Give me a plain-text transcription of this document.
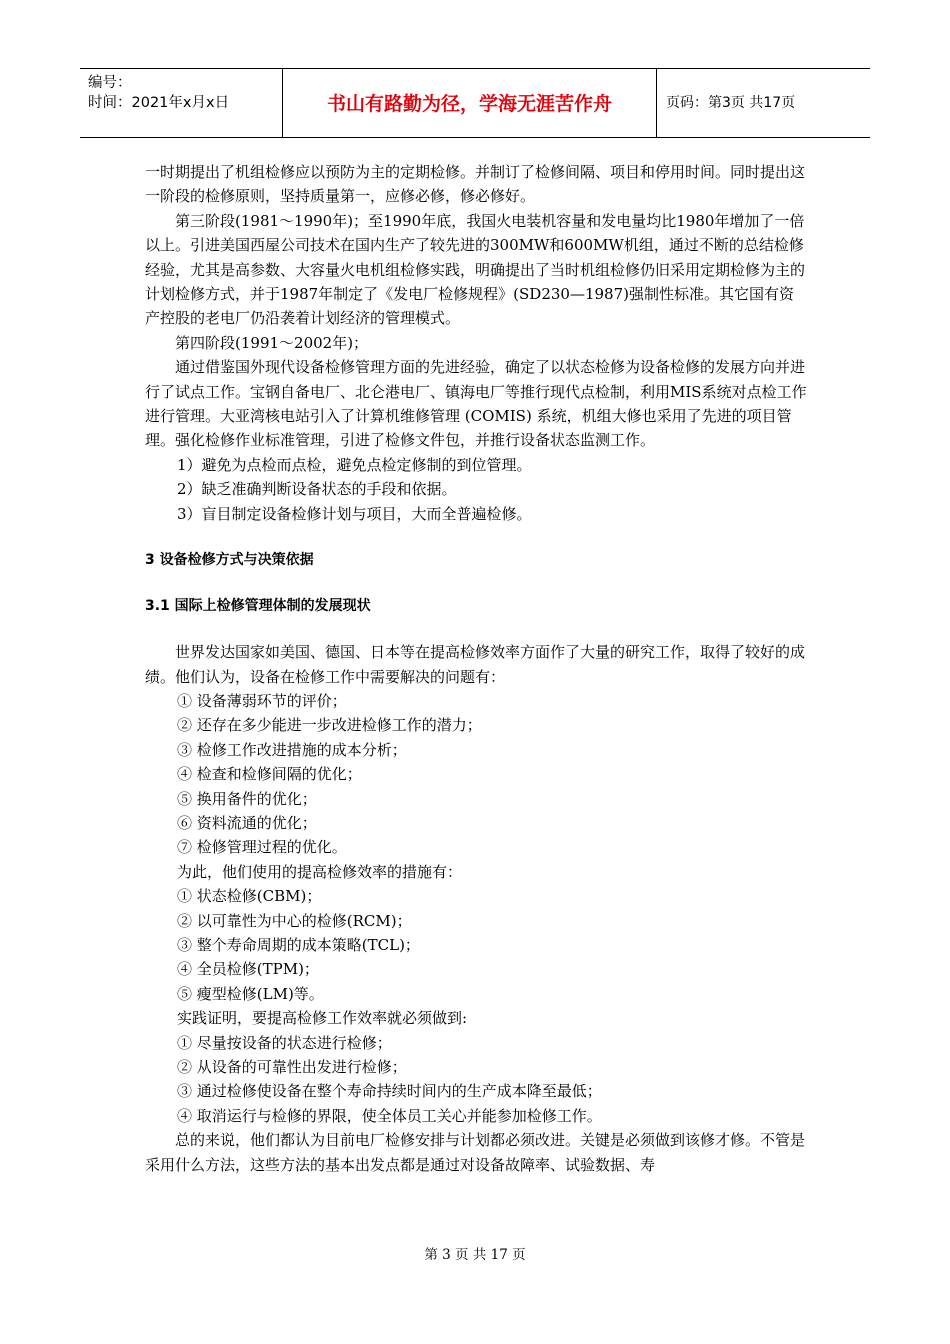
编号：
时间：2021年x月x日	书山有路勤为径，学海无涯苦作舟	页码：第3页 共17页

一时期提出了机组检修应以预防为主的定期检修。并制订了检修间隔、项目和停用时间。同时提出这一阶段的检修原则，坚持质量第一，应修必修，修必修好。

第三阶段(1981～1990年)；至1990年底，我国火电装机容量和发电量均比1980年增加了一倍以上。引进美国西屋公司技术在国内生产了较先进的300MW和600MW机组，通过不断的总结检修经验，尤其是高参数、大容量火电机组检修实践，明确提出了当时机组检修仍旧采用定期检修为主的计划检修方式，并于1987年制定了《发电厂检修规程》(SD230—1987)强制性标准。其它国有资产控股的老电厂仍沿袭着计划经济的管理模式。

第四阶段(1991～2002年)；

通过借鉴国外现代设备检修管理方面的先进经验，确定了以状态检修为设备检修的发展方向并进行了试点工作。宝钢自备电厂、北仑港电厂、镇海电厂等推行现代点检制，利用MIS系统对点检工作进行管理。大亚湾核电站引入了计算机维修管理 (COMIS) 系统，机组大修也采用了先进的项目管理。强化检修作业标准管理，引进了检修文件包，并推行设备状态监测工作。

1）避免为点检而点检，避免点检定修制的到位管理。

2）缺乏准确判断设备状态的手段和依据。

3）盲目制定设备检修计划与项目，大而全普遍检修。

3 设备检修方式与决策依据

3.1 国际上检修管理体制的发展现状

世界发达国家如美国、德国、日本等在提高检修效率方面作了大量的研究工作，取得了较好的成绩。他们认为，设备在检修工作中需要解决的问题有：

① 设备薄弱环节的评价；

② 还存在多少能进一步改进检修工作的潜力；

③ 检修工作改进措施的成本分析；

④ 检查和检修间隔的优化；

⑤ 换用备件的优化；

⑥ 资料流通的优化；

⑦ 检修管理过程的优化。

为此，他们使用的提高检修效率的措施有：

① 状态检修(CBM)；

② 以可靠性为中心的检修(RCM)；

③ 整个寿命周期的成本策略(TCL)；

④ 全员检修(TPM)；

⑤ 瘦型检修(LM)等。

实践证明，要提高检修工作效率就必须做到:

① 尽量按设备的状态进行检修；

② 从设备的可靠性出发进行检修；

③ 通过检修使设备在整个寿命持续时间内的生产成本降至最低；

④ 取消运行与检修的界限，使全体员工关心并能参加检修工作。

总的来说，他们都认为目前电厂检修安排与计划都必须改进。关键是必须做到该修才修。不管是采用什么方法，这些方法的基本出发点都是通过对设备故障率、试验数据、寿

第 3 页 共 17 页
